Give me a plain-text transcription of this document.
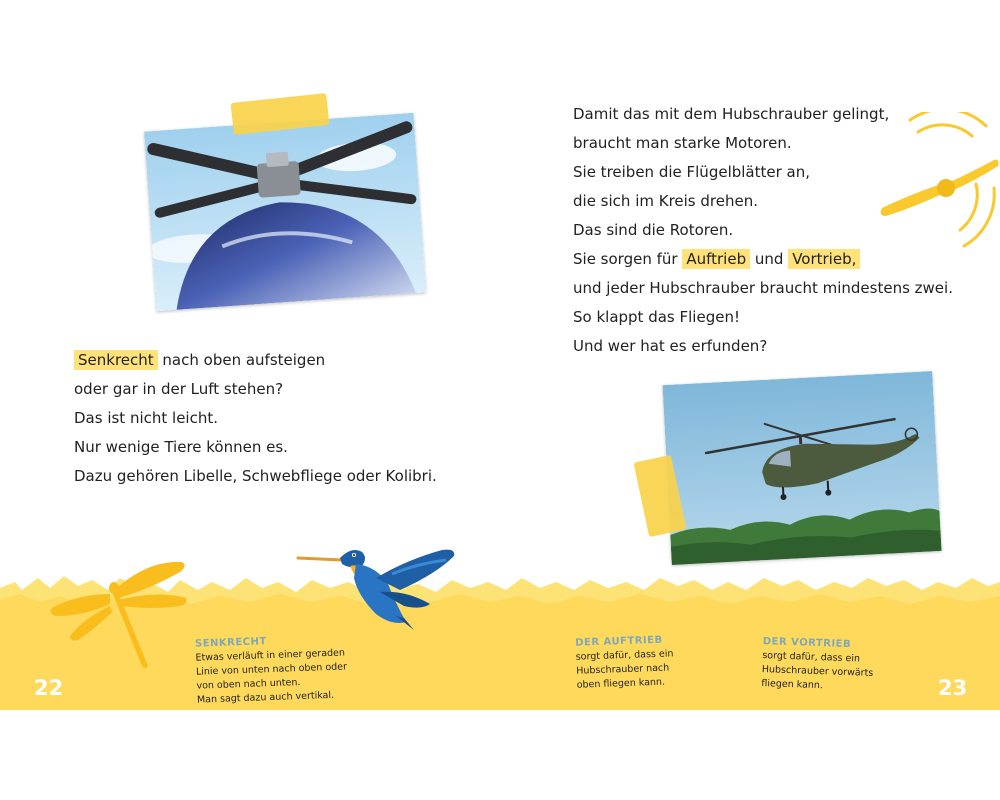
Senkrecht nach oben aufsteigen

oder gar in der Luft stehen?

Das ist nicht leicht.

Nur wenige Tiere können es.

Dazu gehören Libelle, Schwebfliege oder Kolibri.

Damit das mit dem Hubschrauber gelingt,

braucht man starke Motoren.

Sie treiben die Flügelblätter an,

die sich im Kreis drehen.

Das sind die Rotoren.

Sie sorgen für Auftrieb und Vortrieb,

und jeder Hubschrauber braucht mindestens zwei.

So klappt das Fliegen!

Und wer hat es erfunden?

SENKRECHT
Etwas verläuft in einer geraden
Linie von unten nach oben oder
von oben nach unten.
Man sagt dazu auch vertikal.
DER AUFTRIEB
sorgt dafür, dass ein
Hubschrauber nach
oben fliegen kann.
DER VORTRIEB
sorgt dafür, dass ein
Hubschrauber vorwärts
fliegen kann.
22	23
